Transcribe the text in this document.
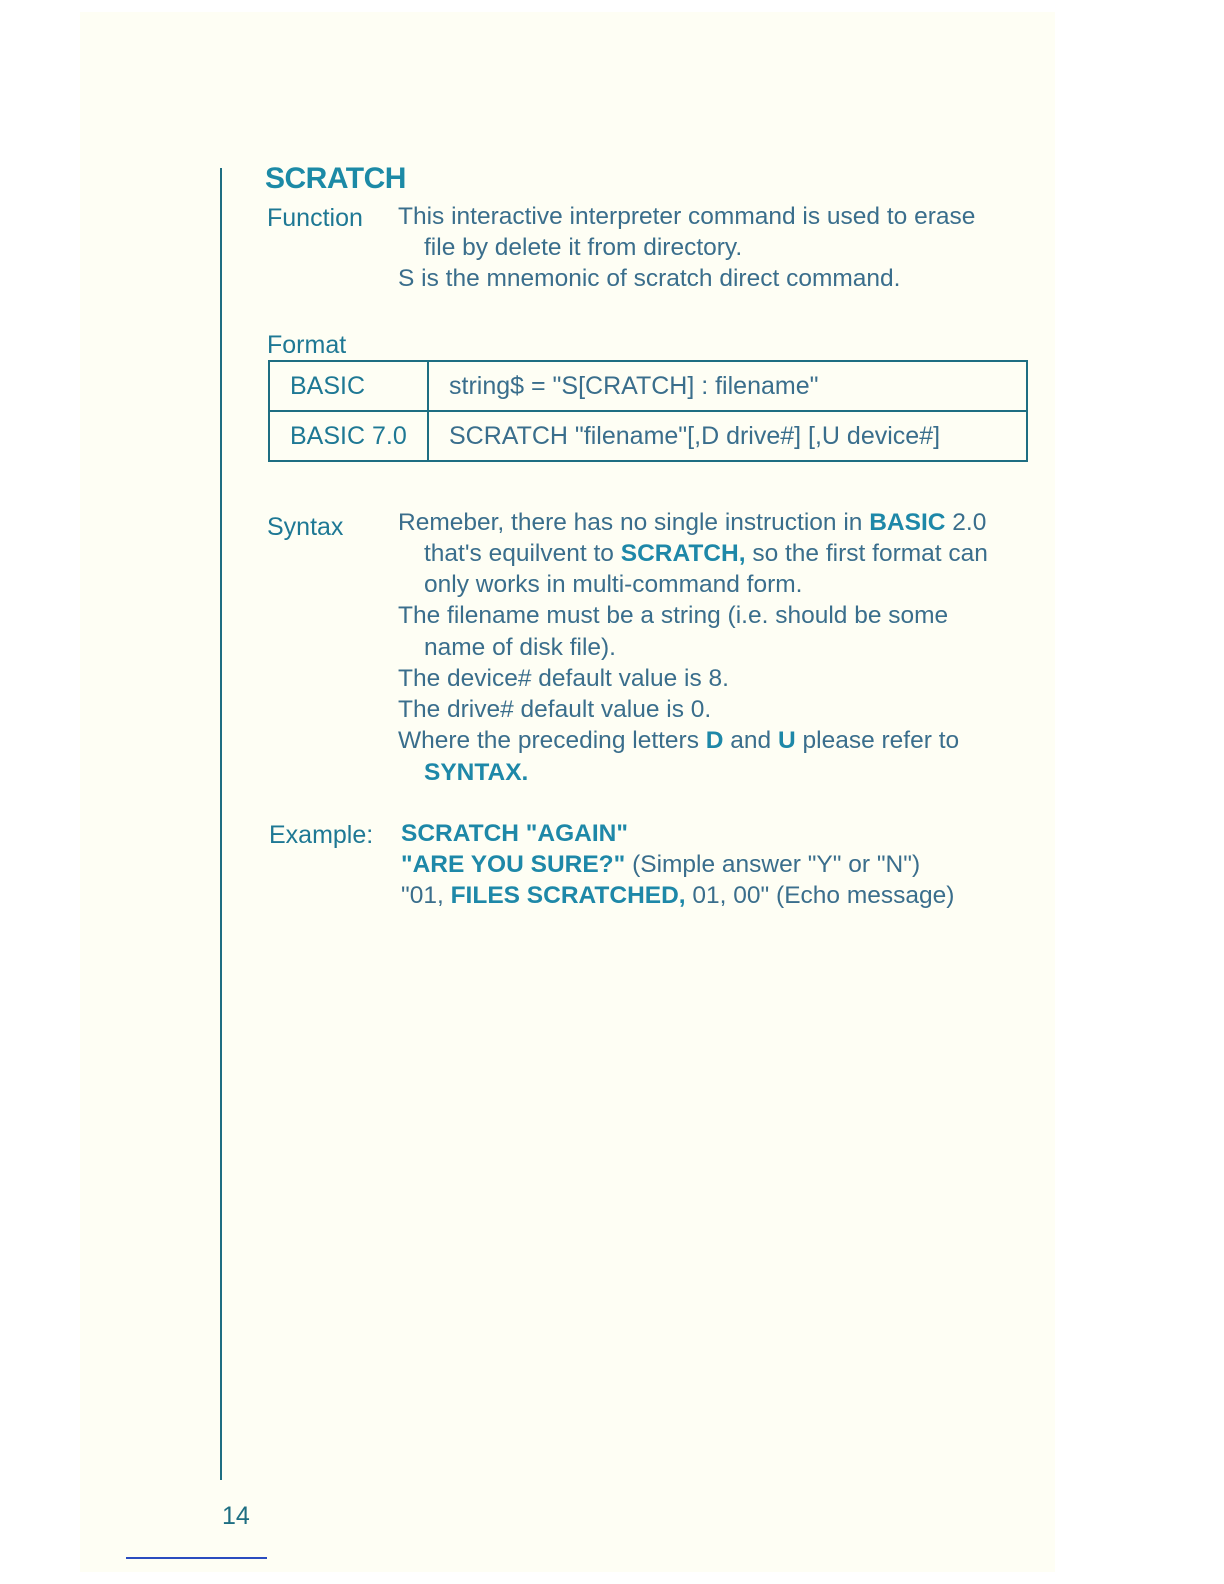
SCRATCH
Function This interactive interpreter command is used to erase
file by delete it from directory.
S is the mnemonic of scratch direct command.
Format
BASIC	string$ = "S[CRATCH] : filename"
BASIC 7.0	SCRATCH "filename"[,D drive#] [,U device#]
Syntax Remeber, there has no single instruction in BASIC 2.0
that's equilvent to SCRATCH, so the first format can
only works in multi-command form.
The filename must be a string (i.e. should be some
name of disk file).
The device# default value is 8.
The drive# default value is 0.
Where the preceding letters D and U please refer to
SYNTAX.
Example: SCRATCH "AGAIN"
"ARE YOU SURE?" (Simple answer "Y" or "N")
"01, FILES SCRATCHED, 01, 00" (Echo message)
14
